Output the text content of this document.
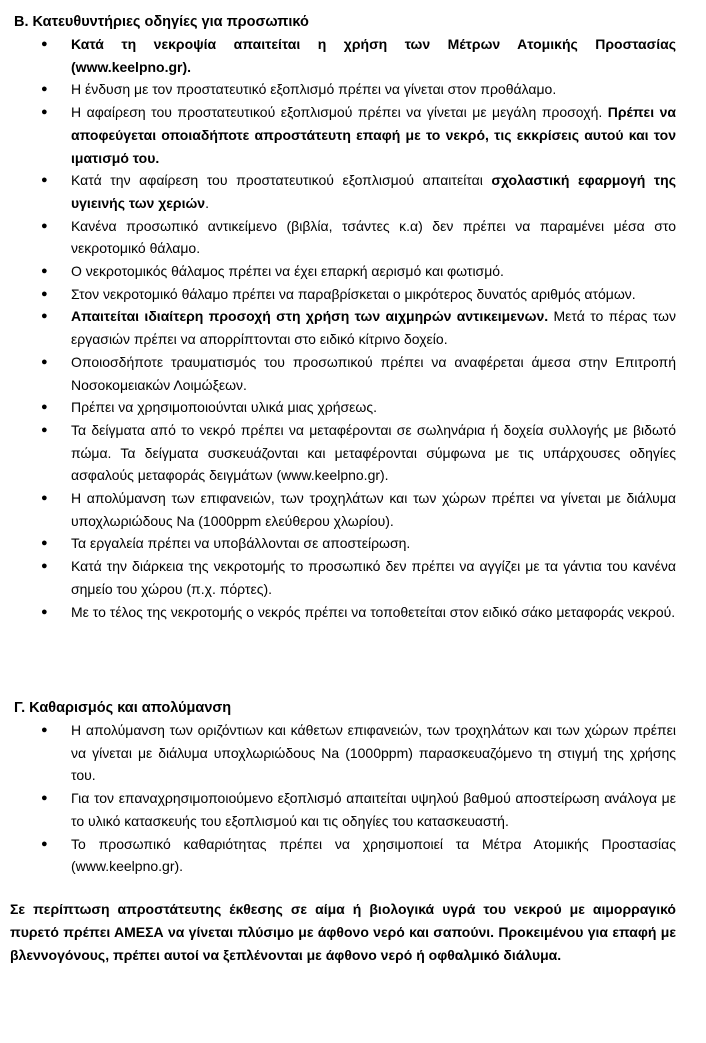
Β. Κατευθυντήριες οδηγίες για προσωπικό
● Κατά τη νεκροψία απαιτείται η χρήση των Μέτρων Ατομικής Προστασίας (www.keelpno.gr).
● Η ένδυση με τον προστατευτικό εξοπλισμό πρέπει να γίνεται στον προθάλαμο.
● Η αφαίρεση του προστατευτικού εξοπλισμού πρέπει να γίνεται με μεγάλη προσοχή. Πρέπει να αποφεύγεται οποιαδήποτε απροστάτευτη επαφή με το νεκρό, τις εκκρίσεις αυτού και τον ιματισμό του.
● Κατά την αφαίρεση του προστατευτικού εξοπλισμού απαιτείται σχολαστική εφαρμογή της υγιεινής των χεριών.
● Κανένα προσωπικό αντικείμενο (βιβλία, τσάντες κ.α) δεν πρέπει να παραμένει μέσα στο νεκροτομικό θάλαμο.
● Ο νεκροτομικός θάλαμος πρέπει να έχει επαρκή αερισμό και φωτισμό.
● Στον νεκροτομικό θάλαμο πρέπει να παραβρίσκεται ο μικρότερος δυνατός αριθμός ατόμων.
● Απαιτείται ιδιαίτερη προσοχή στη χρήση των αιχμηρών αντικειμενων. Μετά το πέρας των εργασιών πρέπει να απορρίπτονται στο ειδικό κίτρινο δοχείο.
● Οποιοσδήποτε τραυματισμός του προσωπικού πρέπει να αναφέρεται άμεσα στην Επιτροπή Νοσοκομειακών Λοιμώξεων.
● Πρέπει να χρησιμοποιούνται υλικά μιας χρήσεως.
● Τα δείγματα από το νεκρό πρέπει να μεταφέρονται σε σωληνάρια ή δοχεία συλλογής με βιδωτό πώμα. Τα δείγματα συσκευάζονται και μεταφέρονται σύμφωνα με τις υπάρχουσες οδηγίες ασφαλούς μεταφοράς δειγμάτων (www.keelpno.gr).
● Η απολύμανση των επιφανειών, των τροχηλάτων και των χώρων πρέπει να γίνεται με διάλυμα υποχλωριώδους Na (1000ppm ελεύθερου χλωρίου).
● Τα εργαλεία πρέπει να υποβάλλονται σε αποστείρωση.
● Κατά την διάρκεια της νεκροτομής το προσωπικό δεν πρέπει να αγγίζει με τα γάντια του κανένα σημείο του χώρου (π.χ. πόρτες).
● Με το τέλος της νεκροτομής ο νεκρός πρέπει να τοποθετείται στον ειδικό σάκο μεταφοράς νεκρού.
Γ. Καθαρισμός και απολύμανση
● Η απολύμανση των οριζόντιων και κάθετων επιφανειών, των τροχηλάτων και των χώρων πρέπει να γίνεται με διάλυμα υποχλωριώδους Na (1000ppm) παρασκευαζόμενο τη στιγμή της χρήσης του.
● Για τον επαναχρησιμοποιούμενο εξοπλισμό απαιτείται υψηλού βαθμού αποστείρωση ανάλογα με το υλικό κατασκευής του εξοπλισμού και τις οδηγίες του κατασκευαστή.
● Το προσωπικό καθαριότητας πρέπει να χρησιμοποιεί τα Μέτρα Ατομικής Προστασίας (www.keelpno.gr).

Σε περίπτωση απροστάτευτης έκθεσης σε αίμα ή βιολογικά υγρά του νεκρού με αιμορραγικό πυρετό πρέπει ΑΜΕΣΑ να γίνεται πλύσιμο με άφθονο νερό και σαπούνι. Προκειμένου για επαφή με βλεννογόνους, πρέπει αυτοί να ξεπλένονται με άφθονο νερό ή οφθαλμικό διάλυμα.
